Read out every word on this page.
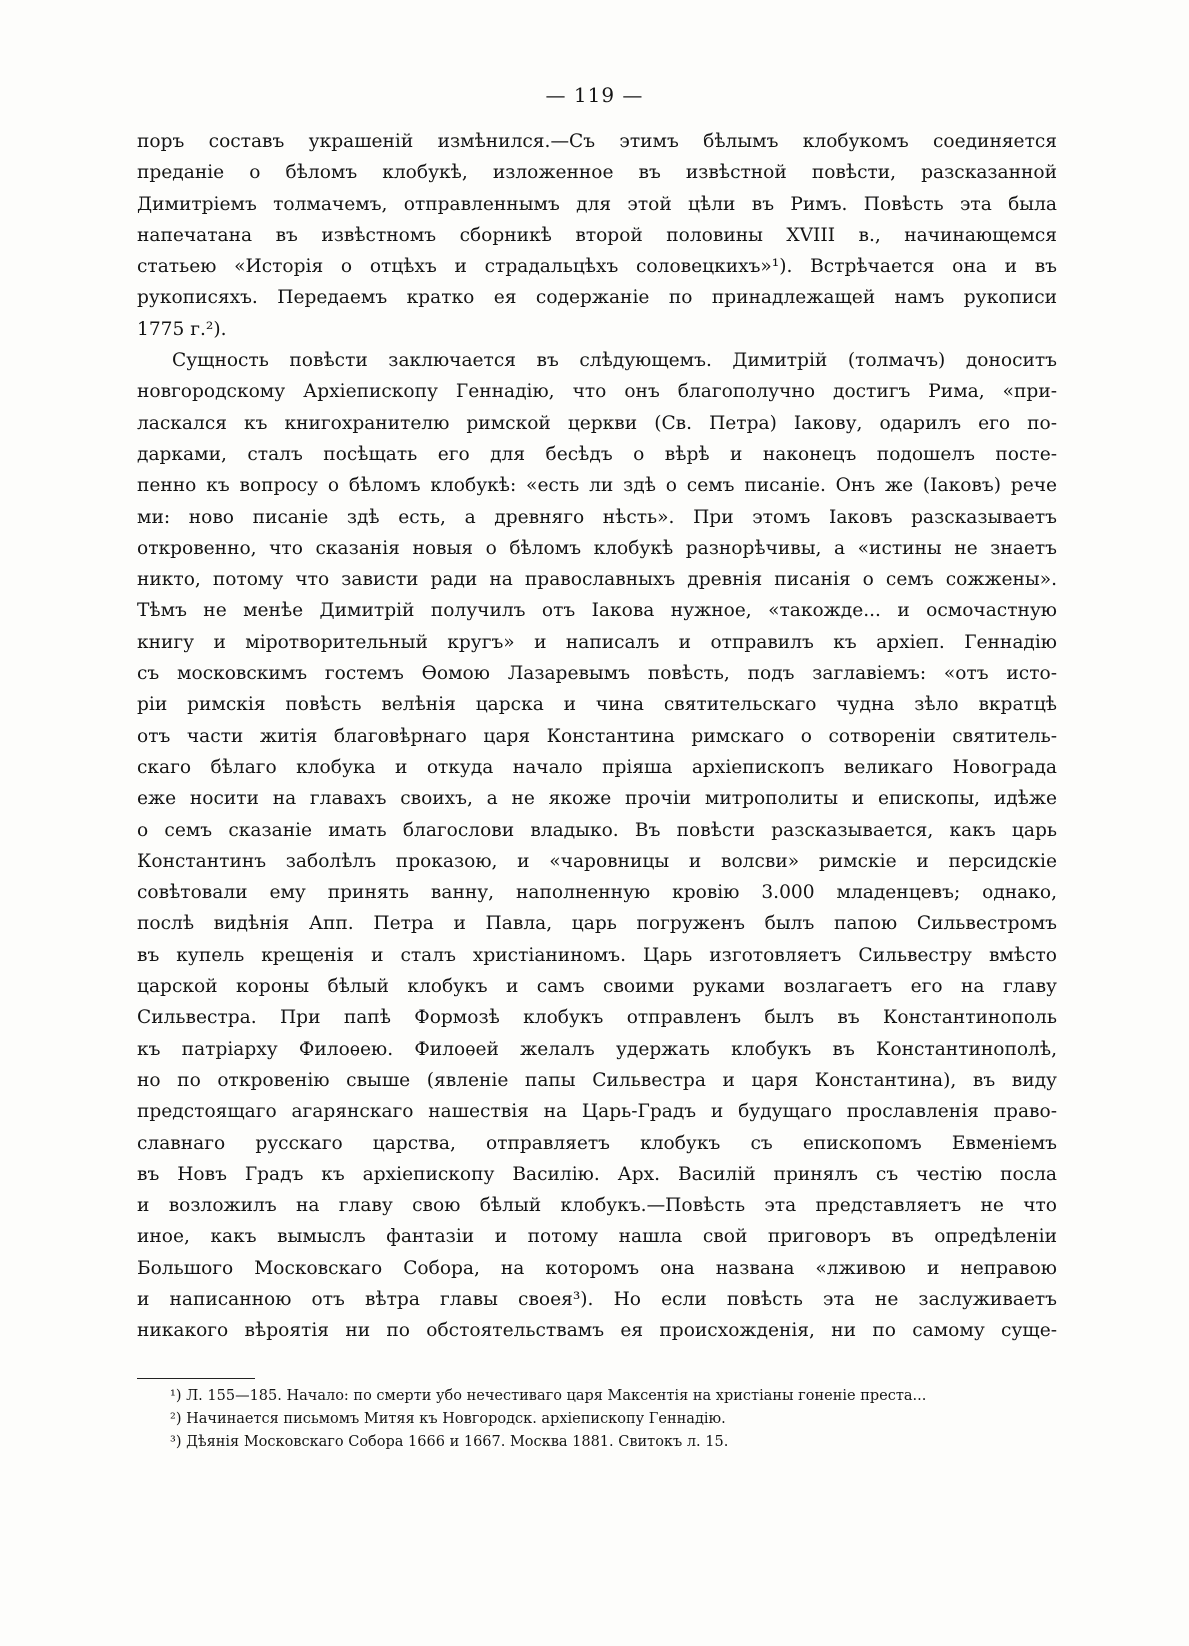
— 119 —
поръ составъ украшеній измѣнился.—Съ этимъ бѣлымъ клобукомъ соединяется
преданіе о бѣломъ клобукѣ, изложенное въ извѣстной повѣсти, разсказанной
Димитріемъ толмачемъ, отправленнымъ для этой цѣли въ Римъ. Повѣсть эта была
напечатана въ извѣстномъ сборникѣ второй половины XVIII в., начинающемся
статьею «Исторія о отцѣхъ и страдальцѣхъ соловецкихъ»¹). Встрѣчается она и въ
рукописяхъ. Передаемъ кратко ея содержаніе по принадлежащей намъ рукописи
1775 г.²).
Сущность повѣсти заключается въ слѣдующемъ. Димитрій (толмачъ) доноситъ
новгородскому Архіепископу Геннадію, что онъ благополучно достигъ Рима, «при-
ласкался къ книгохранителю римской церкви (Св. Петра) Іакову, одарилъ его по-
дарками, сталъ посѣщать его для бесѣдъ о вѣрѣ и наконецъ подошелъ посте-
пенно къ вопросу о бѣломъ клобукѣ: «есть ли здѣ о семъ писаніе. Онъ же (Іаковъ) рече
ми: ново писаніе здѣ есть, а древняго нѣсть». При этомъ Іаковъ разсказываетъ
откровенно, что сказанія новыя о бѣломъ клобукѣ разнорѣчивы, а «истины не знаетъ
никто, потому что зависти ради на православныхъ древнія писанія о семъ сожжены».
Тѣмъ не менѣе Димитрій получилъ отъ Іакова нужное, «такожде... и осмочастную
книгу и міротворительный кругъ» и написалъ и отправилъ къ архіеп. Геннадію
съ московскимъ гостемъ Ѳомою Лазаревымъ повѣсть, подъ заглавіемъ: «отъ исто-
ріи римскія повѣсть велѣнія царска и чина святительскаго чудна зѣло вкратцѣ
отъ части житія благовѣрнаго царя Константина римскаго о сотвореніи святитель-
скаго бѣлаго клобука и откуда начало пріяша архіепископъ великаго Новограда
еже носити на главахъ своихъ, а не якоже прочіи митрополиты и епископы, идѣже
о семъ сказаніе имать благослови владыко. Въ повѣсти разсказывается, какъ царь
Константинъ заболѣлъ проказою, и «чаровницы и волсви» римскіе и персидскіе
совѣтовали ему принять ванну, наполненную кровію 3.000 младенцевъ; однако,
послѣ видѣнія Апп. Петра и Павла, царь погруженъ былъ папою Сильвестромъ
въ купель крещенія и сталъ христіаниномъ. Царь изготовляетъ Сильвестру вмѣсто
царской короны бѣлый клобукъ и самъ своими руками возлагаетъ его на главу
Сильвестра. При папѣ Формозѣ клобукъ отправленъ былъ въ Константинополь
къ патріарху Филоѳею. Филоѳей желалъ удержать клобукъ въ Константинополѣ,
но по откровенію свыше (явленіе папы Сильвестра и царя Константина), въ виду
предстоящаго агарянскаго нашествія на Царь-Градъ и будущаго прославленія право-
славнаго русскаго царства, отправляетъ клобукъ съ епископомъ Евменіемъ
въ Новъ Градъ къ архіепископу Василію. Арх. Василій принялъ съ честію посла
и возложилъ на главу свою бѣлый клобукъ.—Повѣсть эта представляетъ не что
иное, какъ вымыслъ фантазіи и потому нашла свой приговоръ въ опредѣленіи
Большого Московскаго Собора, на которомъ она названа «лживою и неправою
и написанною отъ вѣтра главы своея³). Но если повѣсть эта не заслуживаетъ
никакого вѣроятія ни по обстоятельствамъ ея происхожденія, ни по самому суще-
¹) Л. 155—185. Начало: по смерти убо нечестиваго царя Максентія на христіаны гоненіе преста...
²) Начинается письмомъ Митяя къ Новгородск. архіепископу Геннадію.
³) Дѣянія Московскаго Собора 1666 и 1667. Москва 1881. Свитокъ л. 15.
